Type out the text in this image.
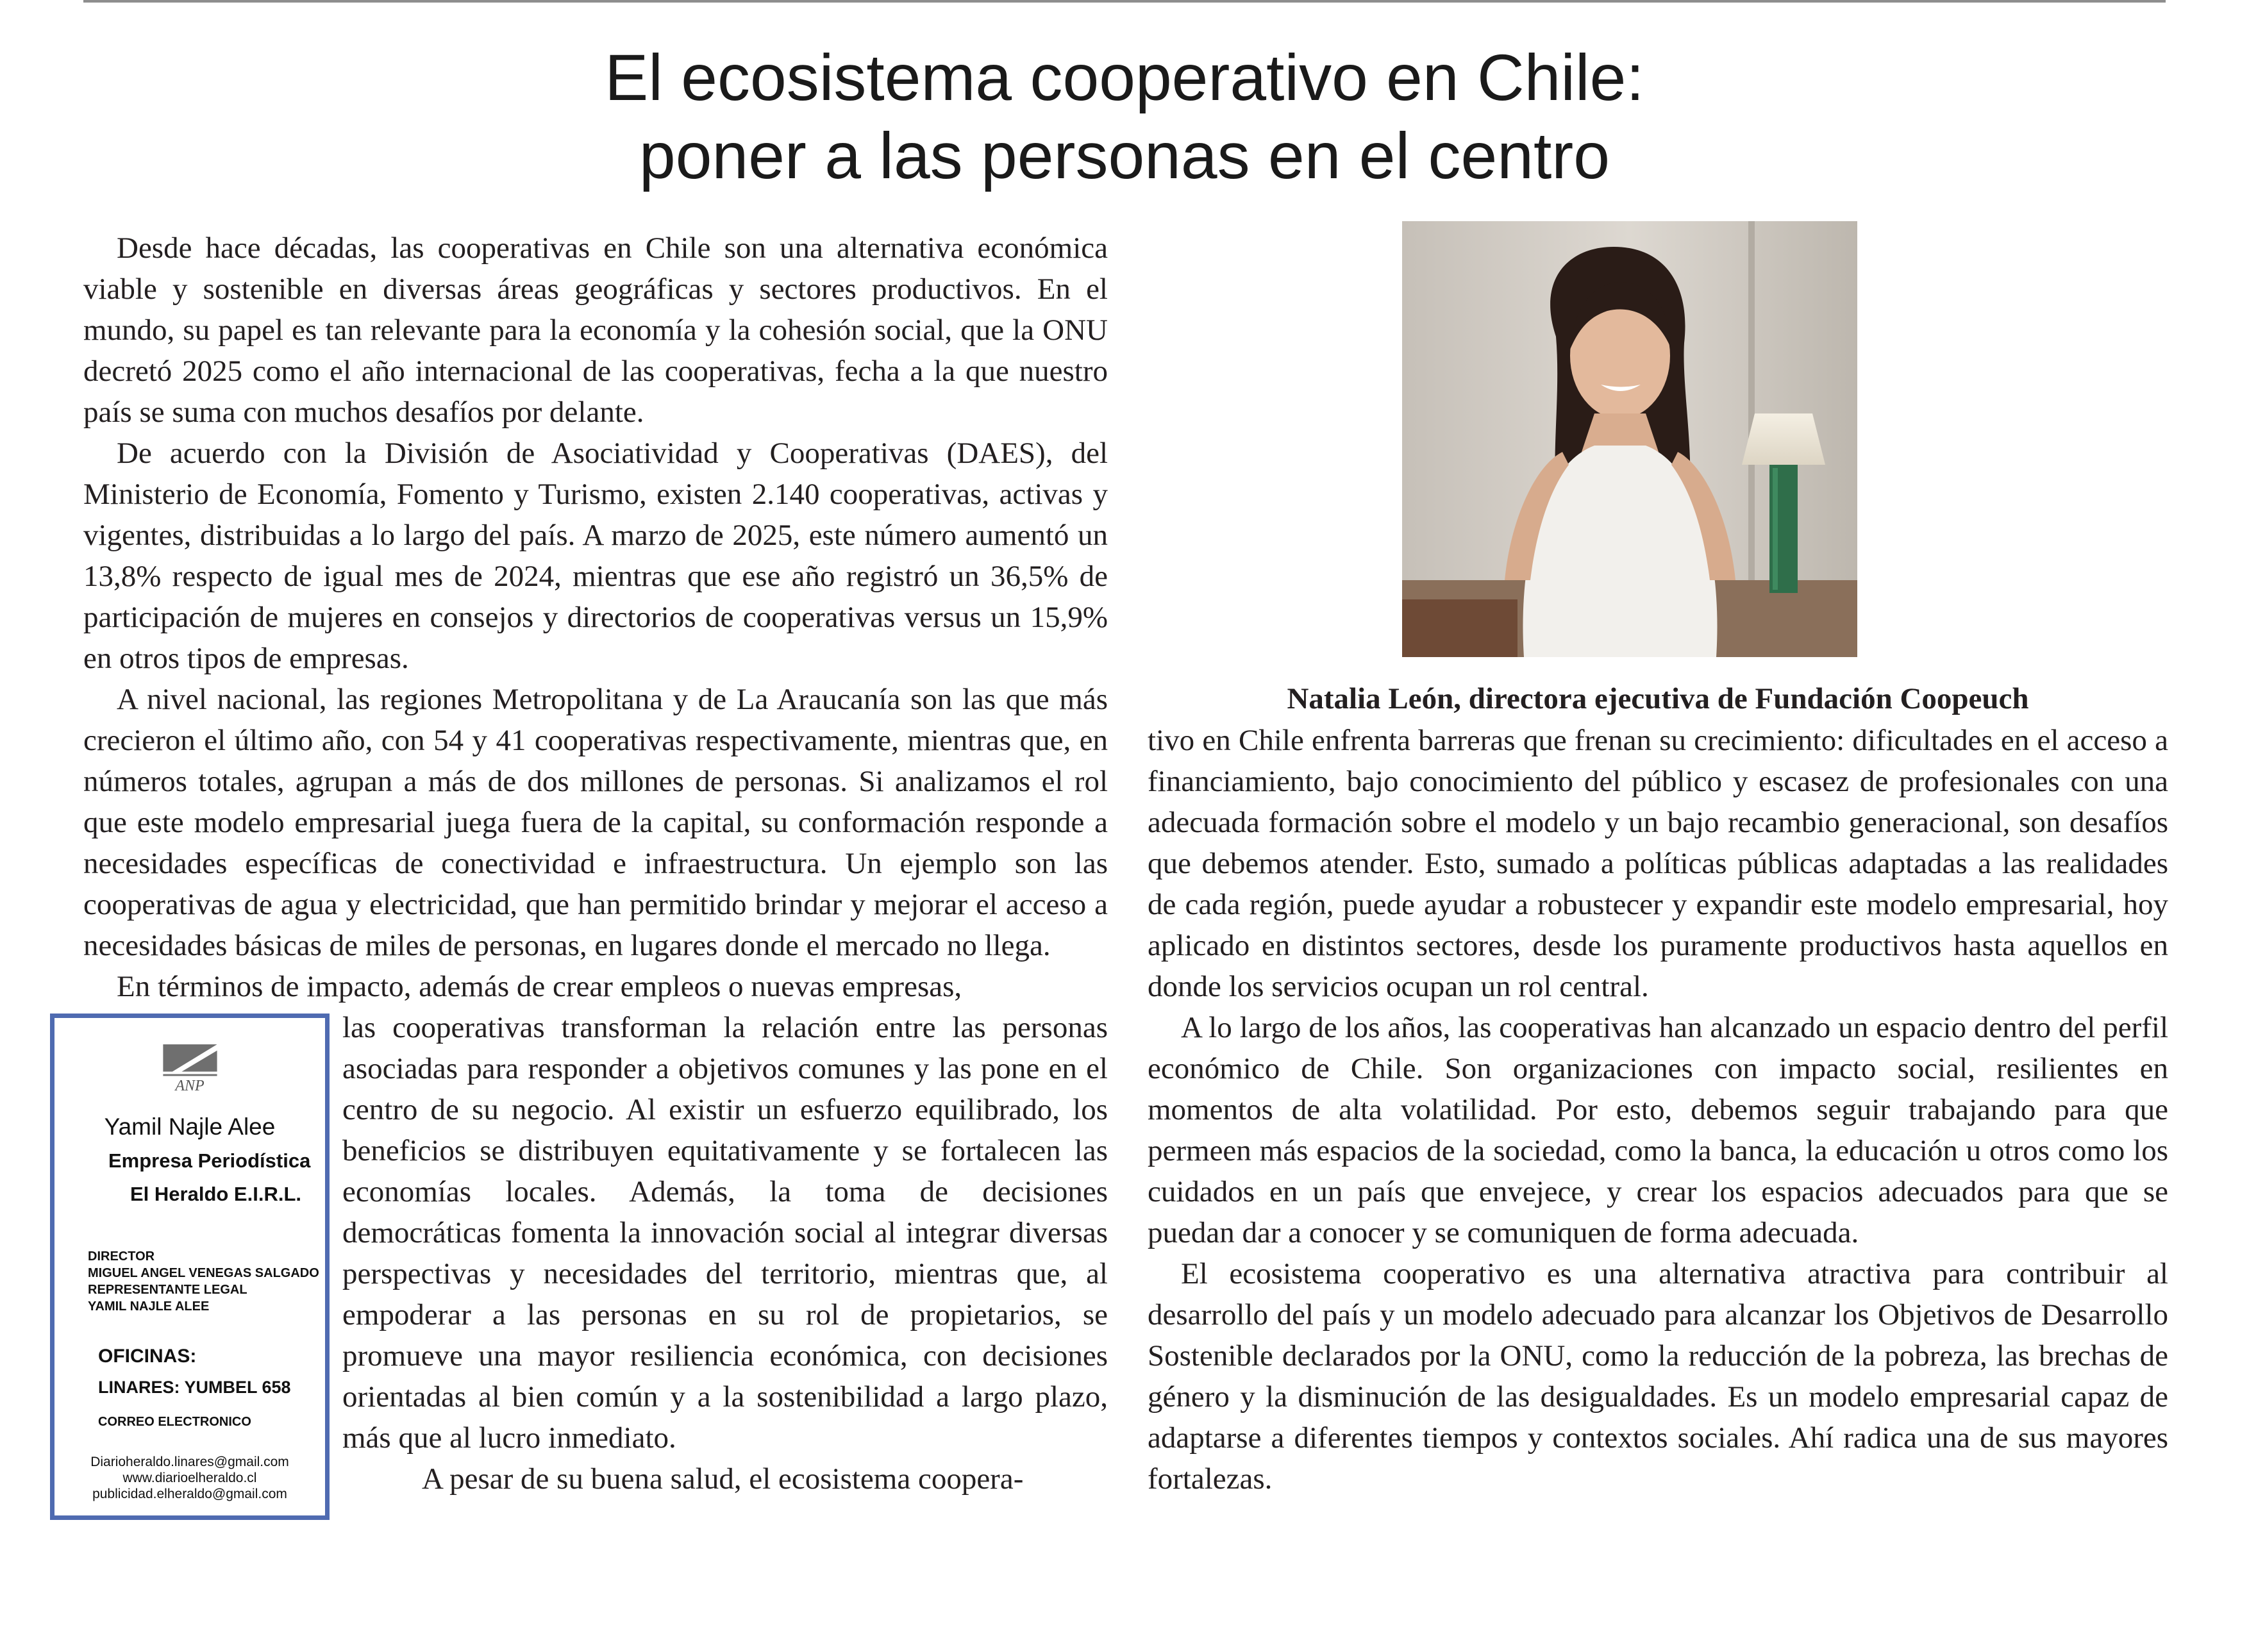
El ecosistema cooperativo en Chile:
poner a las personas en el centro

Desde hace décadas, las cooperativas en Chile son una alternativa económica viable y sostenible en diversas áreas geográficas y sectores productivos. En el mundo, su papel es tan relevante para la economía y la cohesión social, que la ONU decretó 2025 como el año internacional de las cooperativas, fecha a la que nuestro país se suma con muchos desafíos por delante.

De acuerdo con la División de Asociatividad y Cooperativas (DAES), del Ministerio de Economía, Fomento y Turismo, existen 2.140 cooperativas, activas y vigentes, distribuidas a lo largo del país. A marzo de 2025, este número aumentó un 13,8% respecto de igual mes de 2024, mientras que ese año registró un 36,5% de participación de mujeres en consejos y directorios de cooperativas versus un 15,9% en otros tipos de empresas.

A nivel nacional, las regiones Metropolitana y de La Araucanía son las que más crecieron el último año, con 54 y 41 cooperativas respectivamente, mientras que, en números totales, agrupan a más de dos millones de personas. Si analizamos el rol que este modelo empresarial juega fuera de la capital, su conformación responde a necesidades específicas de conectividad e infraestructura. Un ejemplo son las cooperativas de agua y electricidad, que han permitido brindar y mejorar el acceso a necesidades básicas de miles de personas, en lugares donde el mercado no llega.

En términos de impacto, además de crear empleos o nuevas empresas,

ANP
Yamil Najle Alee
Empresa Periodística
El Heraldo E.I.R.L.
DIRECTOR
MIGUEL ANGEL VENEGAS SALGADO
REPRESENTANTE LEGAL
YAMIL NAJLE ALEE
OFICINAS:
LINARES: YUMBEL 658
CORREO ELECTRONICO
Diarioheraldo.linares@gmail.com
www.diarioelheraldo.cl
publicidad.elheraldo@gmail.com
las cooperativas transforman la relación entre las personas asociadas para responder a objetivos comunes y las pone en el centro de su negocio. Al existir un esfuerzo equilibrado, los beneficios se distribuyen equitativamente y se fortalecen las economías locales. Además, la toma de decisiones democráticas fomenta la innovación social al integrar diversas perspectivas y necesidades del territorio, mientras que, al empoderar a las personas en su rol de propietarios, se promueve una mayor resiliencia económica, con decisiones orientadas al bien común y a la sostenibilidad a largo plazo, más que al lucro inmediato.

A pesar de su buena salud, el ecosistema coopera-

Natalia León, directora ejecutiva de Fundación Coopeuch

tivo en Chile enfrenta barreras que frenan su crecimiento: dificultades en el acceso a financiamiento, bajo conocimiento del público y escasez de profesionales con una adecuada formación sobre el modelo y un bajo recambio generacional, son desafíos que debemos atender. Esto, sumado a políticas públicas adaptadas a las realidades de cada región, puede ayudar a robustecer y expandir este modelo empresarial, hoy aplicado en distintos sectores, desde los puramente productivos hasta aquellos en donde los servicios ocupan un rol central.

A lo largo de los años, las cooperativas han alcanzado un espacio dentro del perfil económico de Chile. Son organizaciones con impacto social, resilientes en momentos de alta volatilidad. Por esto, debemos seguir trabajando para que permeen más espacios de la sociedad, como la banca, la educación u otros como los cuidados en un país que envejece, y crear los espacios adecuados para que se puedan dar a conocer y se comuniquen de forma adecuada.

El ecosistema cooperativo es una alternativa atractiva para contribuir al desarrollo del país y un modelo adecuado para alcanzar los Objetivos de Desarrollo Sostenible declarados por la ONU, como la reducción de la pobreza, las brechas de género y la disminución de las desigualdades. Es un modelo empresarial capaz de adaptarse a diferentes tiempos y contextos sociales. Ahí radica una de sus mayores fortalezas.
